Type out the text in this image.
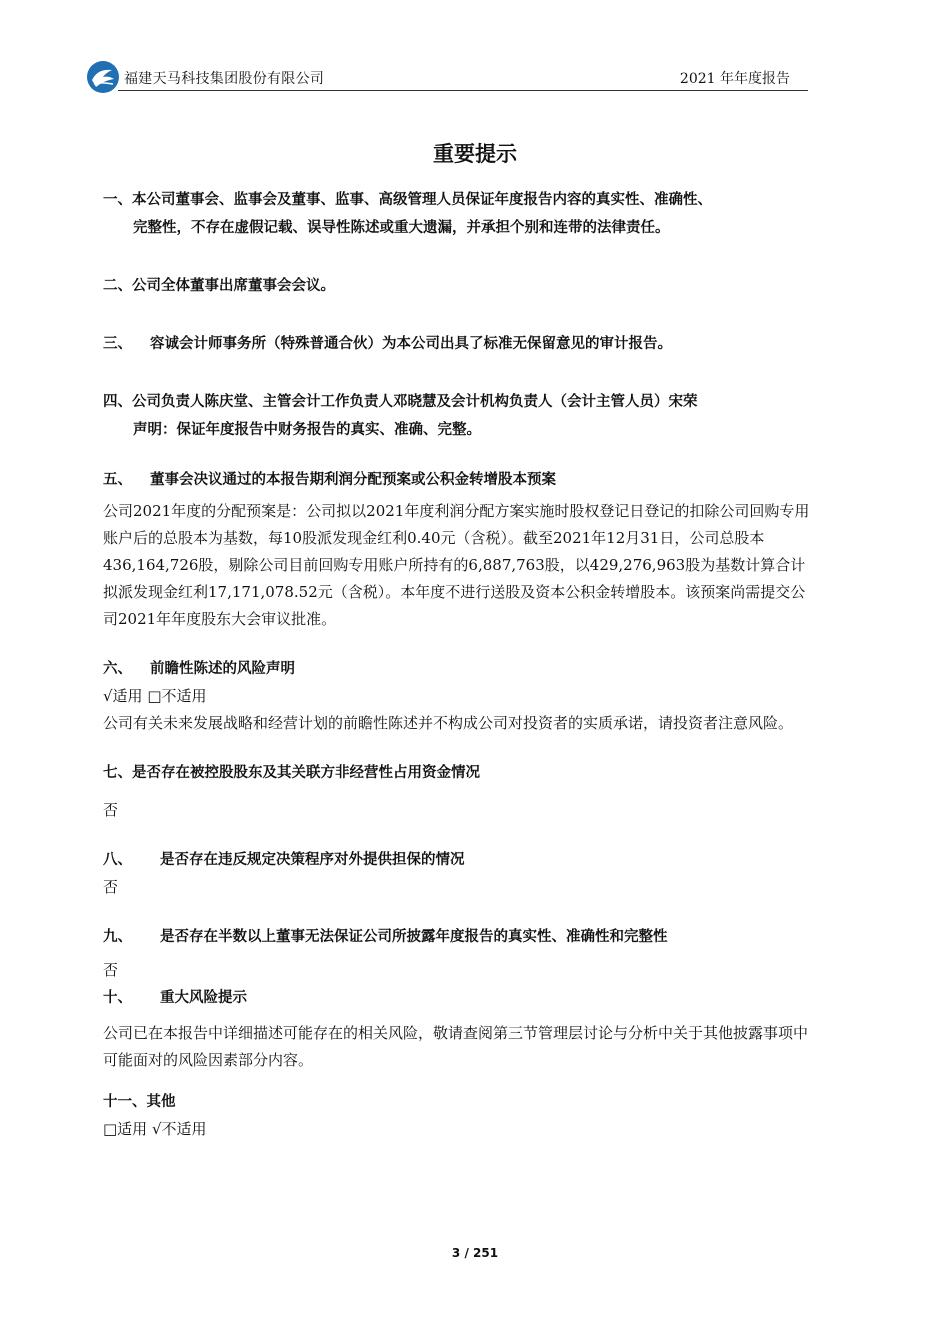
福建天马科技集团股份有限公司	2021 年年度报告
重要提示
一、本公司董事会、监事会及董事、监事、高级管理人员保证年度报告内容的真实性、准确性、
完整性，不存在虚假记载、误导性陈述或重大遗漏，并承担个别和连带的法律责任。
二、公司全体董事出席董事会会议。
三、 容诚会计师事务所（特殊普通合伙）为本公司出具了标准无保留意见的审计报告。
四、公司负责人陈庆堂、主管会计工作负责人邓晓慧及会计机构负责人（会计主管人员）宋荣
声明：保证年度报告中财务报告的真实、准确、完整。
五、 董事会决议通过的本报告期利润分配预案或公积金转增股本预案
公司2021年度的分配预案是：公司拟以2021年度利润分配方案实施时股权登记日登记的扣除公司回购专用账户后的总股本为基数，每10股派发现金红利0.40元（含税）。截至2021年12月31日，公司总股本436,164,726股，剔除公司目前回购专用账户所持有的6,887,763股，以429,276,963股为基数计算合计拟派发现金红利17,171,078.52元（含税）。本年度不进行送股及资本公积金转增股本。该预案尚需提交公司2021年年度股东大会审议批准。
六、 前瞻性陈述的风险声明
√适用 □不适用
公司有关未来发展战略和经营计划的前瞻性陈述并不构成公司对投资者的实质承诺，请投资者注意风险。
七、是否存在被控股股东及其关联方非经营性占用资金情况
否
八、 是否存在违反规定决策程序对外提供担保的情况
否
九、 是否存在半数以上董事无法保证公司所披露年度报告的真实性、准确性和完整性
否
十、 重大风险提示
公司已在本报告中详细描述可能存在的相关风险，敬请查阅第三节管理层讨论与分析中关于其他披露事项中可能面对的风险因素部分内容。
十一、其他
□适用 √不适用
3 / 251
